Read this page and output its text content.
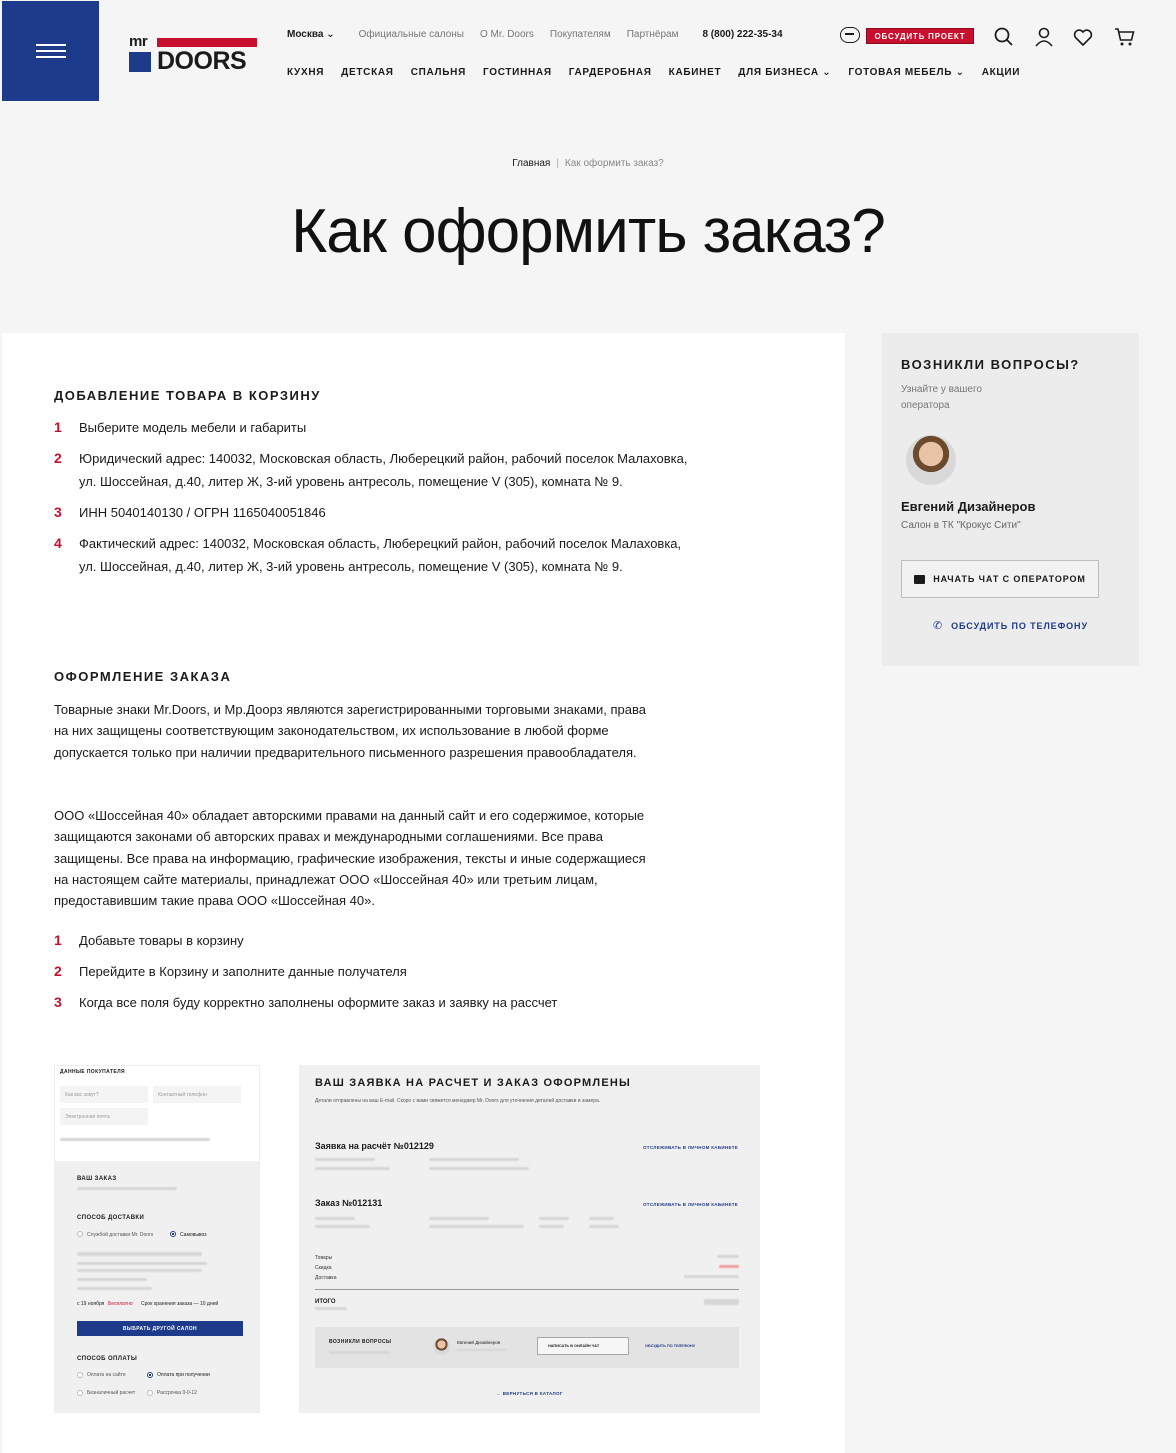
mr
DOORS
Москва ⌄ Официальные салоны О Mr. Doors Покупателям Партнёрам 8 (800) 222-35-34	ОБСУДИТЬ ПРОЕКТ
КУХНЯ ДЕТСКАЯ СПАЛЬНЯ ГОСТИННАЯ ГАРДЕРОБНАЯ КАБИНЕТ ДЛЯ БИЗНЕСА ⌄ ГОТОВАЯ МЕБЕЛЬ ⌄ АКЦИИ
Главная | Как оформить заказ?
Как оформить заказ?
ДОБАВЛЕНИЕ ТОВАРА В КОРЗИНУ
1	Выберите модель мебели и габариты
2	Юридический адрес: 140032, Московская область, Люберецкий район, рабочий поселок Малаховка, ул. Шоссейная, д.40, литер Ж, 3-ий уровень антресоль, помещение V (305), комната № 9.
3	ИНН 5040140130 / ОГРН 1165040051846
4	Фактический адрес: 140032, Московская область, Люберецкий район, рабочий поселок Малаховка, ул. Шоссейная, д.40, литер Ж, 3-ий уровень антресоль, помещение V (305), комната № 9.
ОФОРМЛЕНИЕ ЗАКАЗА
Товарные знаки Mr.Doors, и Мр.Доорз являются зарегистрированными торговыми знаками, права на них защищены соответствующим законодательством, их использование в любой форме допускается только при наличии предварительного письменного разрешения правообладателя.
ООО «Шоссейная 40» обладает авторскими правами на данный сайт и его содержимое, которые защищаются законами об авторских правах и международными соглашениями. Все права защищены. Все права на информацию, графические изображения, тексты и иные содержащиеся на настоящем сайте материалы, принадлежат ООО «Шоссейная 40» или третьим лицам, предоставившим такие права ООО «Шоссейная 40».
1	Добавьте товары в корзину
2	Перейдите в Корзину и заполните данные получателя
3	Когда все поля буду корректно заполнены оформите заказ и заявку на рассчет
ВОЗНИКЛИ ВОПРОСЫ?
Узнайте у вашего оператора
Евгений Дизайнеров
Салон в ТК "Крокус Сити"
НАЧАТЬ ЧАТ С ОПЕРАТОРОМ
✆ ОБСУДИТЬ ПО ТЕЛЕФОНУ
ДАННЫЕ ПОКУПАТЕЛЯ
Как вас зовут?	Контактный телефон
Электронная почта
ВАШ ЗАКАЗ
СПОСОБ ДОСТАВКИ
Службой доставки Mr. Doors	Самовывоз
с 19 ноября Бесплатно Срок хранения заказа — 10 дней
ВЫБРАТЬ ДРУГОЙ САЛОН
СПОСОБ ОПЛАТЫ
Оплата на сайте	Оплата при получении
Безналичный расчет	Рассрочка 0-0-12
ВАШ ЗАЯВКА НА РАСЧЕТ И ЗАКАЗ ОФОРМЛЕНЫ
Детали отправлены на ваш E-mail. Скоро с вами свяжется менеджер Mr. Doors для уточнения деталей доставки и замера.
Заявка на расчёт №012129	ОТСЛЕЖИВАТЬ В ЛИЧНОМ КАБИНЕТЕ
Заказ №012131	ОТСЛЕЖИВАТЬ В ЛИЧНОМ КАБИНЕТЕ
Товары
Скидка
Доставка
ИТОГО
ВОЗНИКЛИ ВОПРОСЫ	Евгений Дизайнеров
НАПИСАТЬ В ОНЛАЙН ЧАТ	ОБСУДИТЬ ПО ТЕЛЕФОНУ
← ВЕРНУТЬСЯ В КАТАЛОГ
